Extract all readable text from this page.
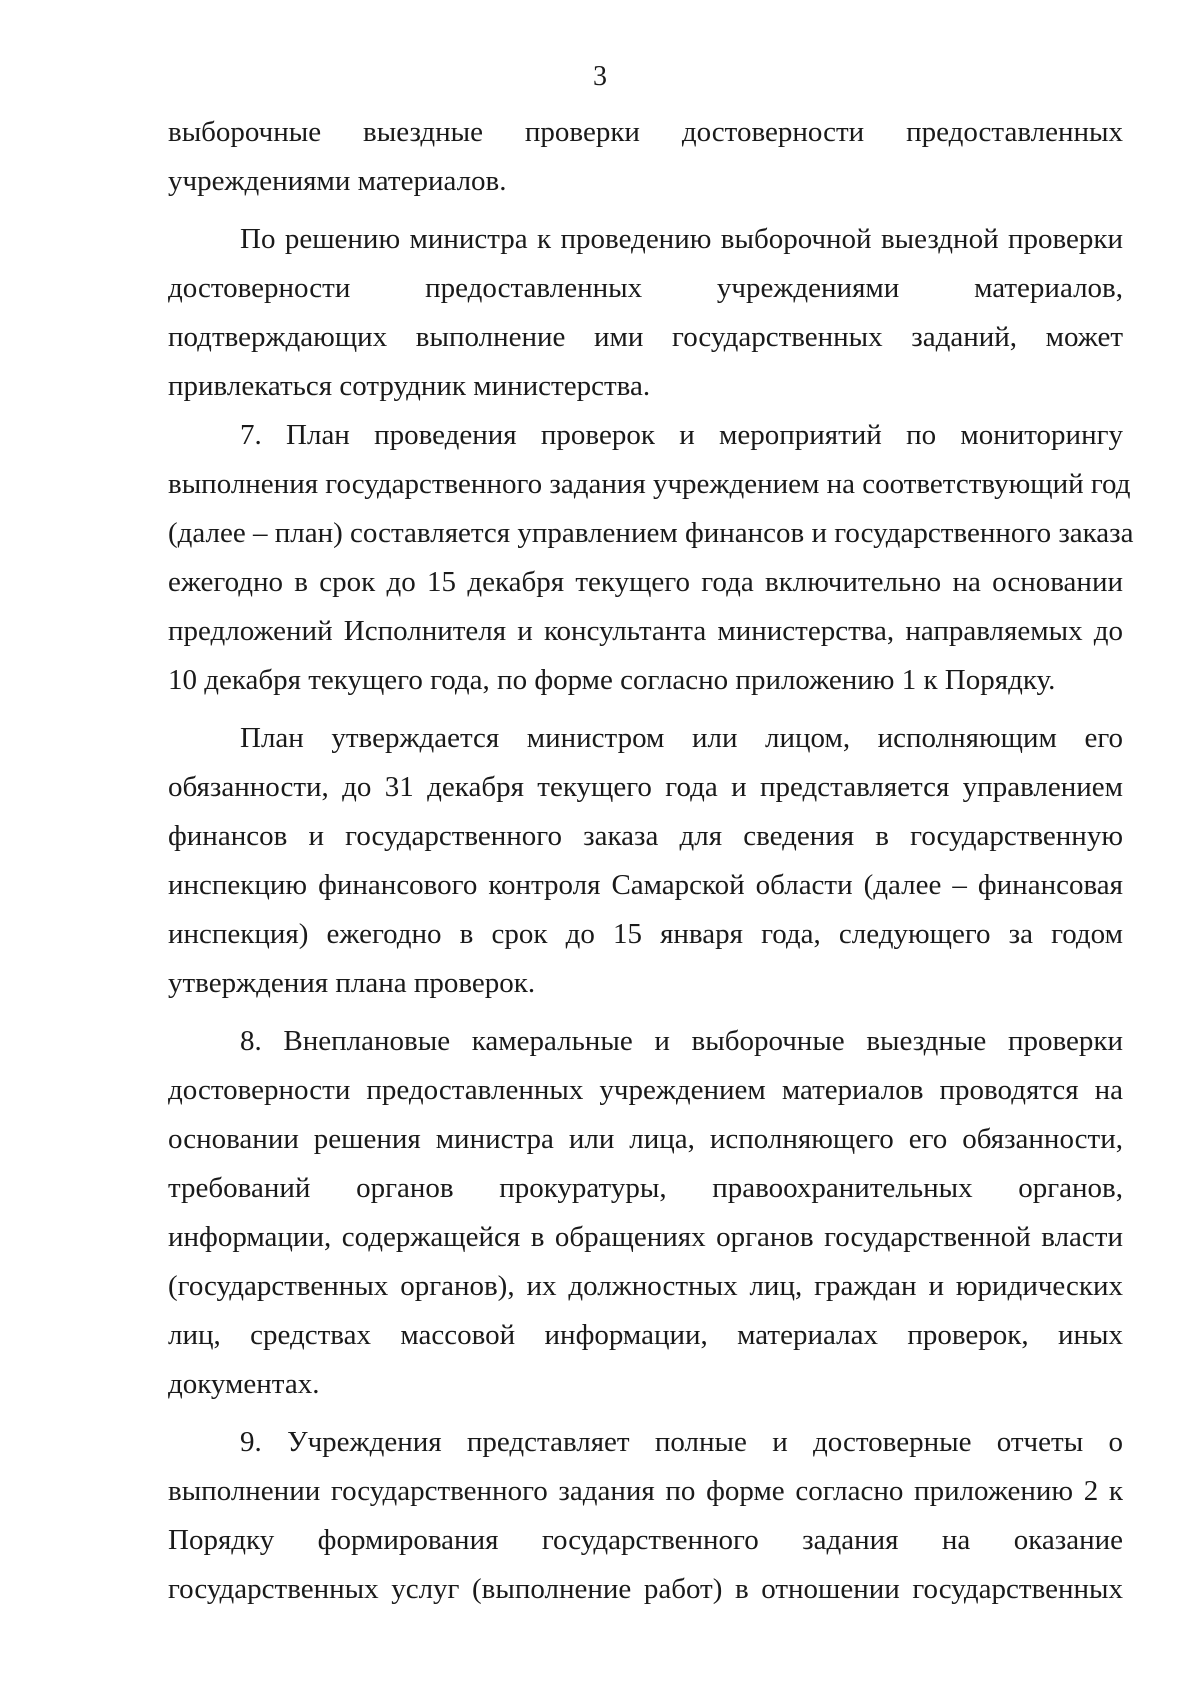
3
выборочные выездные проверки достоверности предоставленных
учреждениями материалов.
По решению министра к проведению выборочной выездной проверки
достоверности предоставленных учреждениями материалов,
подтверждающих выполнение ими государственных заданий, может
привлекаться сотрудник министерства.
7. План проведения проверок и мероприятий по мониторингу
выполнения государственного задания учреждением на соответствующий год
(далее – план) составляется управлением финансов и государственного заказа
ежегодно в срок до 15 декабря текущего года включительно на основании
предложений Исполнителя и консультанта министерства, направляемых до
10 декабря текущего года, по форме согласно приложению 1 к Порядку.
План утверждается министром или лицом, исполняющим его
обязанности, до 31 декабря текущего года и представляется управлением
финансов и государственного заказа для сведения в государственную
инспекцию финансового контроля Самарской области (далее – финансовая
инспекция) ежегодно в срок до 15 января года, следующего за годом
утверждения плана проверок.
8. Внеплановые камеральные и выборочные выездные проверки
достоверности предоставленных учреждением материалов проводятся на
основании решения министра или лица, исполняющего его обязанности,
требований органов прокуратуры, правоохранительных органов,
информации, содержащейся в обращениях органов государственной власти
(государственных органов), их должностных лиц, граждан и юридических
лиц, средствах массовой информации, материалах проверок, иных
документах.
9. Учреждения представляет полные и достоверные отчеты о
выполнении государственного задания по форме согласно приложению 2 к
Порядку формирования государственного задания на оказание
государственных услуг (выполнение работ) в отношении государственных
